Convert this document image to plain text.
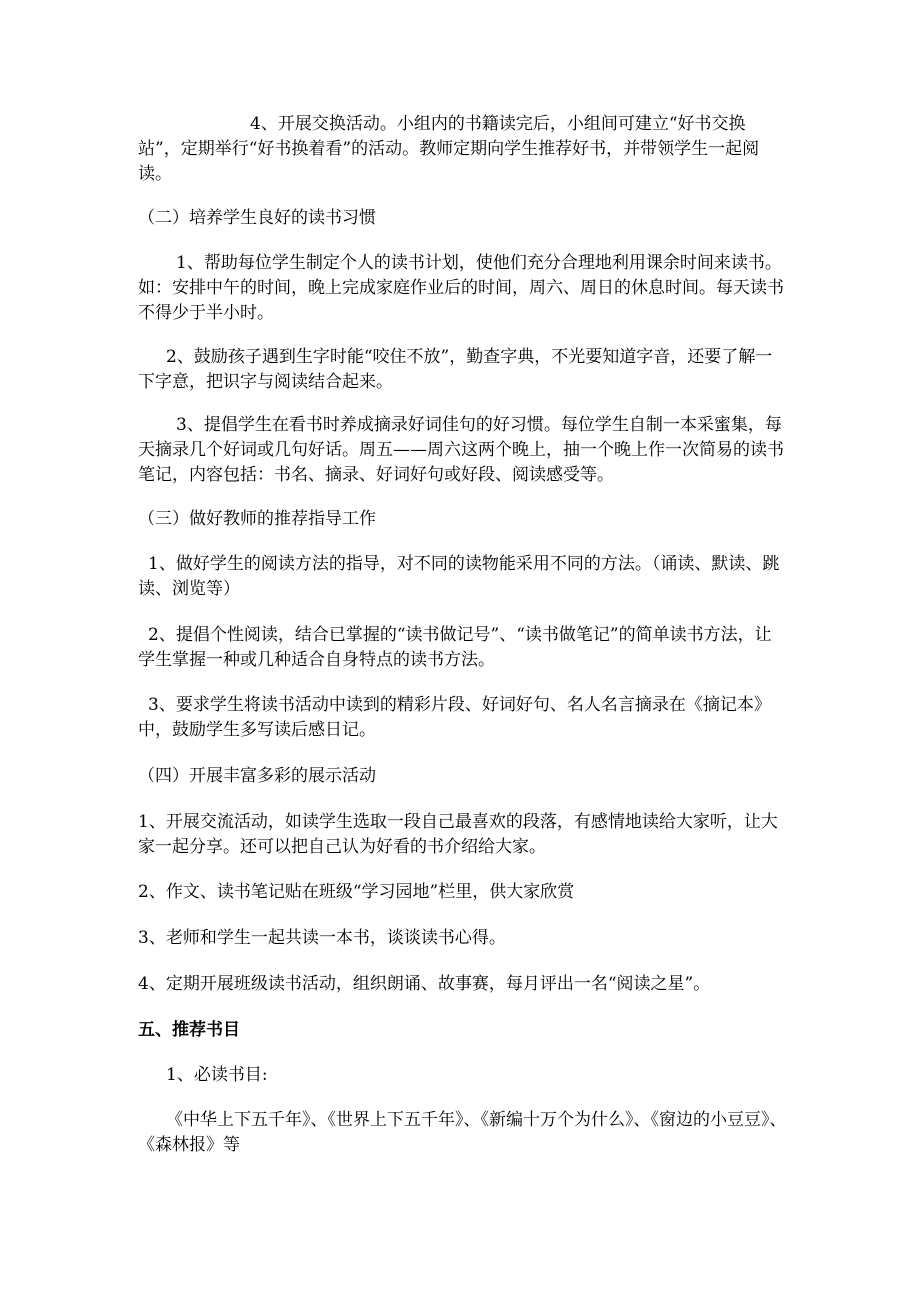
4、开展交换活动。小组内的书籍读完后，小组间可建立“好书交换站”，定期举行“好书换着看”的活动。教师定期向学生推荐好书，并带领学生一起阅读。

（二）培养学生良好的读书习惯

1、帮助每位学生制定个人的读书计划，使他们充分合理地利用课余时间来读书。如：安排中午的时间，晚上完成家庭作业后的时间，周六、周日的休息时间。每天读书不得少于半小时。

2、鼓励孩子遇到生字时能“咬住不放”，勤查字典，不光要知道字音，还要了解一下字意，把识字与阅读结合起来。

3、提倡学生在看书时养成摘录好词佳句的好习惯。每位学生自制一本采蜜集，每天摘录几个好词或几句好话。周五——周六这两个晚上，抽一个晚上作一次简易的读书笔记，内容包括：书名、摘录、好词好句或好段、阅读感受等。

（三）做好教师的推荐指导工作

1、做好学生的阅读方法的指导，对不同的读物能采用不同的方法。（诵读、默读、跳读、浏览等）

2、提倡个性阅读，结合已掌握的“读书做记号”、“读书做笔记”的简单读书方法，让学生掌握一种或几种适合自身特点的读书方法。

3、要求学生将读书活动中读到的精彩片段、好词好句、名人名言摘录在《摘记本》中，鼓励学生多写读后感日记。

（四）开展丰富多彩的展示活动

1、开展交流活动，如读学生选取一段自己最喜欢的段落，有感情地读给大家听，让大家一起分享。还可以把自己认为好看的书介绍给大家。

2、作文、读书笔记贴在班级“学习园地”栏里，供大家欣赏

3、老师和学生一起共读一本书，谈谈读书心得。

4、定期开展班级读书活动，组织朗诵、故事赛，每月评出一名“阅读之星”。

五、推荐书目

1、必读书目:

《中华上下五千年》、《世界上下五千年》、《新编十万个为什么》、《窗边的小豆豆》、《森林报》等
